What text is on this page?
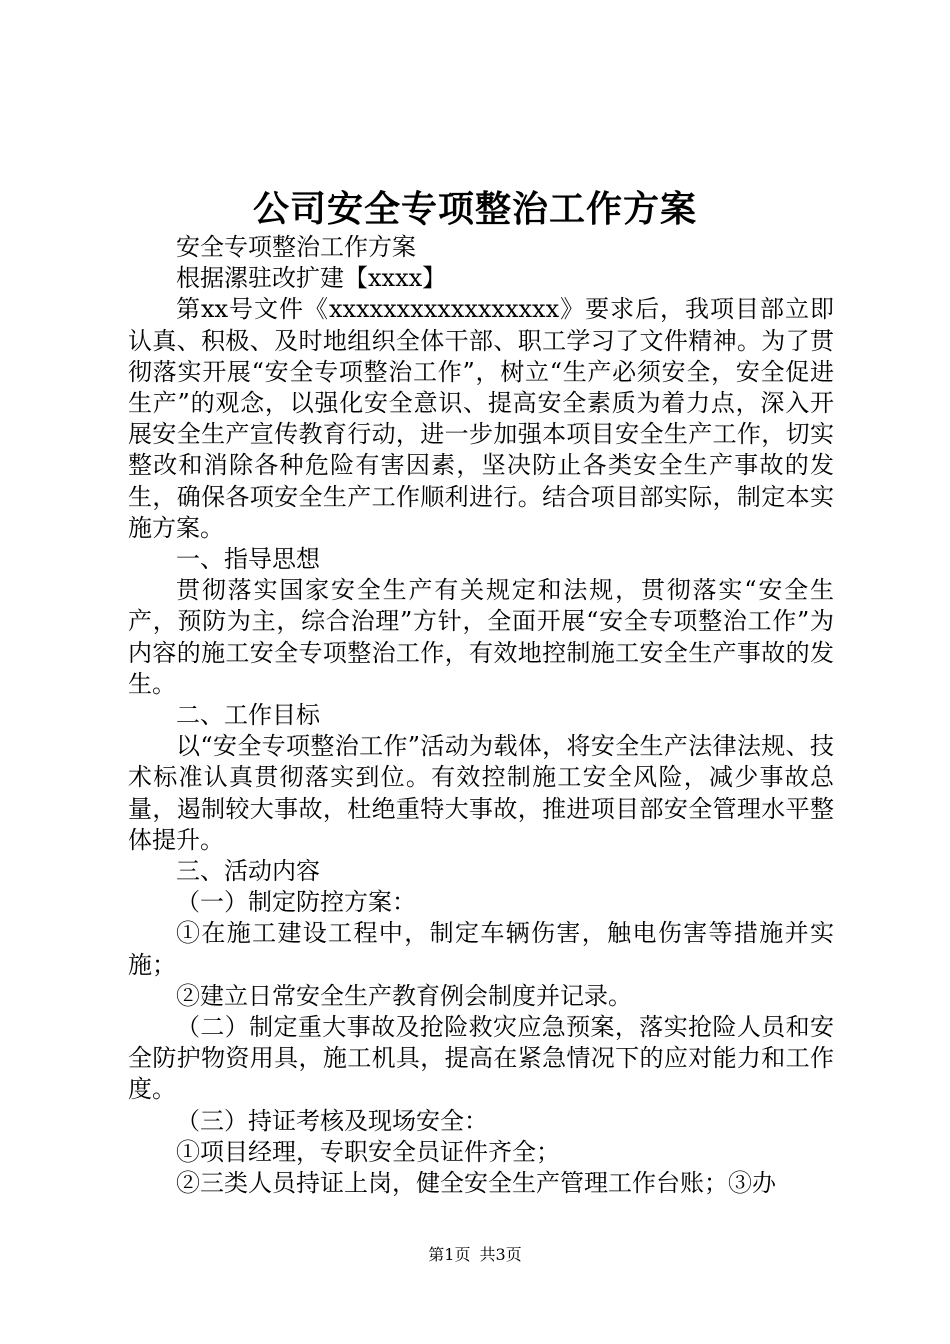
公司安全专项整治工作方案

安全专项整治工作方案

根据漯驻改扩建【xxxx】

第xx号文件《xxxxxxxxxxxxxxxxx》要求后，我项目部立即认真、积极、及时地组织全体干部、职工学习了文件精神。为了贯彻落实开展“安全专项整治工作”，树立“生产必须安全，安全促进生产”的观念，以强化安全意识、提高安全素质为着力点，深入开展安全生产宣传教育行动，进一步加强本项目安全生产工作，切实整改和消除各种危险有害因素，坚决防止各类安全生产事故的发生，确保各项安全生产工作顺利进行。结合项目部实际，制定本实施方案。

一、指导思想

贯彻落实国家安全生产有关规定和法规，贯彻落实“安全生产，预防为主，综合治理”方针，全面开展“安全专项整治工作”为内容的施工安全专项整治工作，有效地控制施工安全生产事故的发生。

二、工作目标

以“安全专项整治工作”活动为载体，将安全生产法律法规、技术标准认真贯彻落实到位。有效控制施工安全风险，减少事故总量，遏制较大事故，杜绝重特大事故，推进项目部安全管理水平整体提升。

三、活动内容

（一）制定防控方案：

①在施工建设工程中，制定车辆伤害，触电伤害等措施并实施；

②建立日常安全生产教育例会制度并记录。

（二）制定重大事故及抢险救灾应急预案，落实抢险人员和安全防护物资用具，施工机具，提高在紧急情况下的应对能力和工作度。

（三）持证考核及现场安全：

①项目经理，专职安全员证件齐全；

②三类人员持证上岗，健全安全生产管理工作台账；③办

第1页 共3页
